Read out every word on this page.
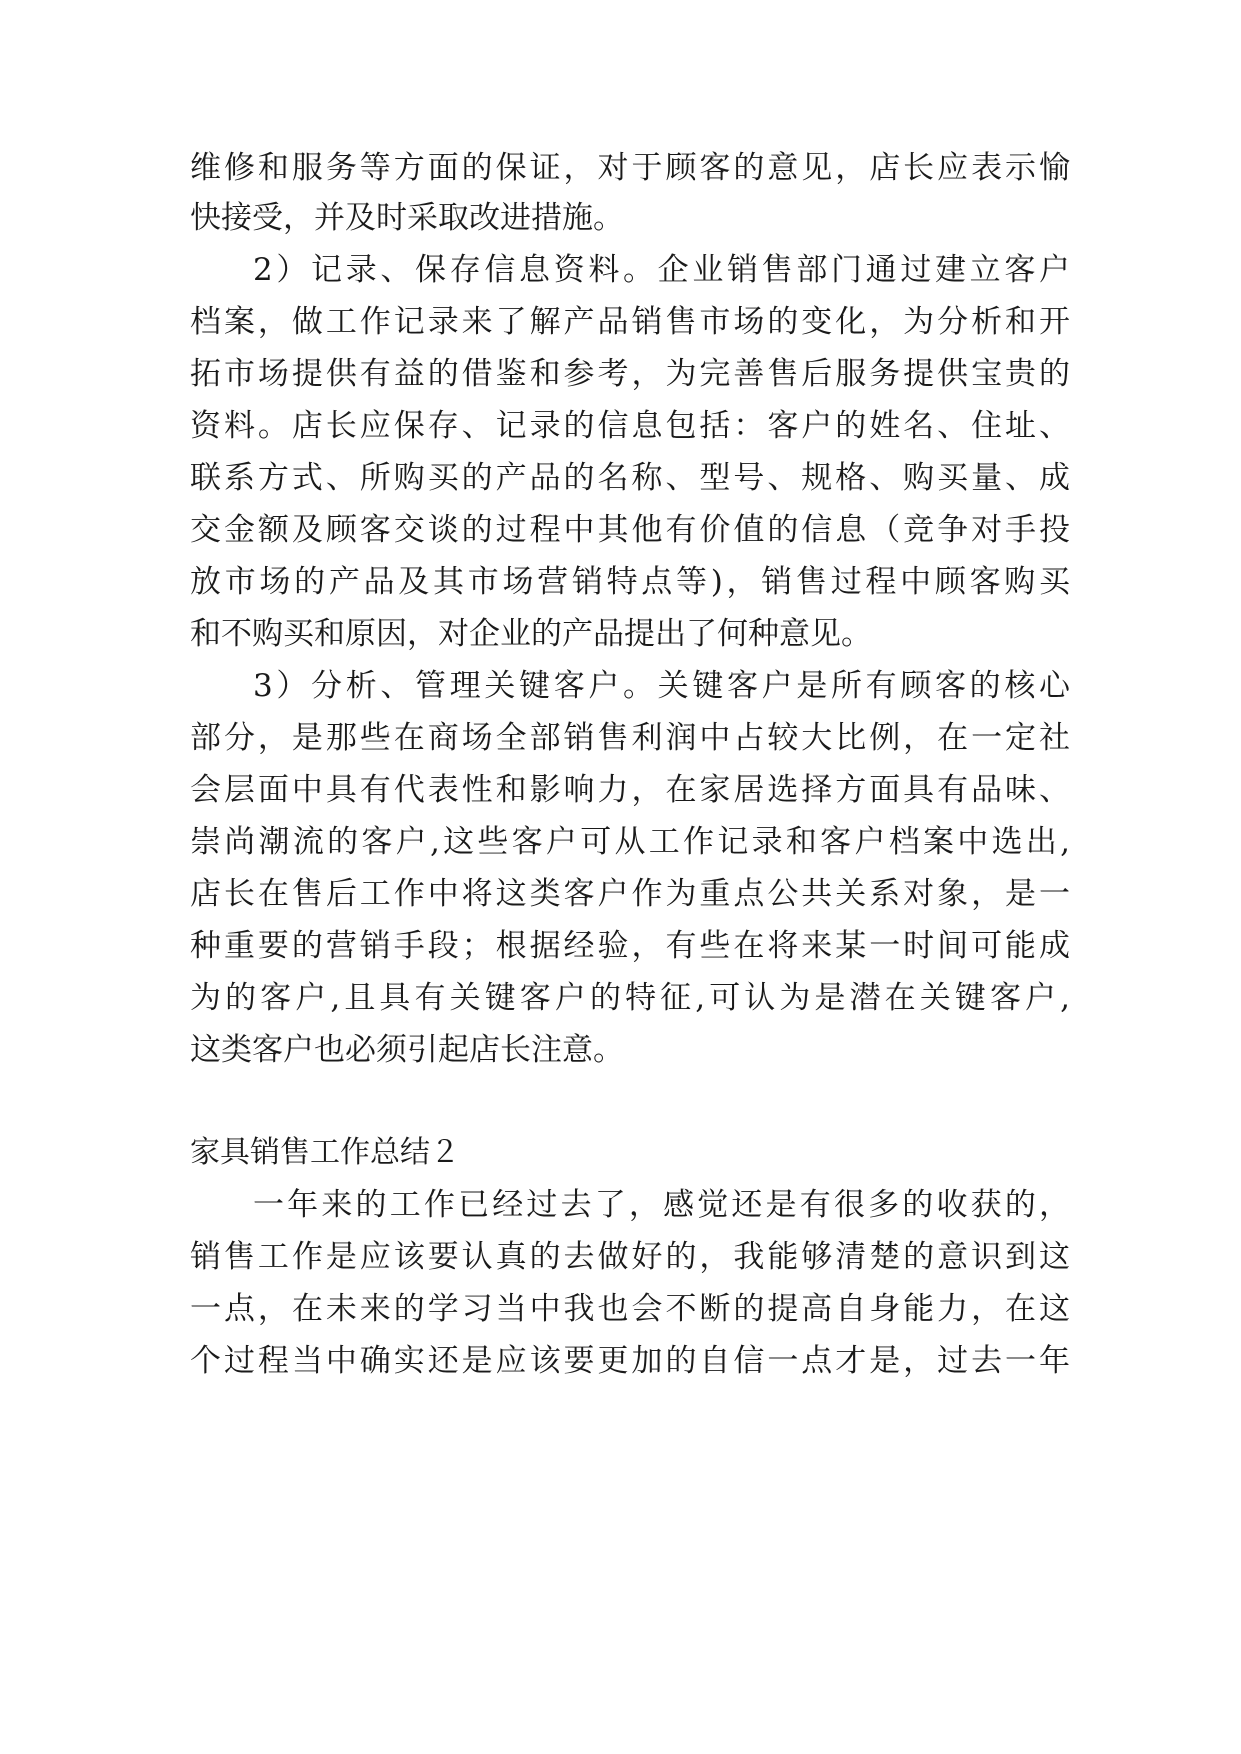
维修和服务等方面的保证，对于顾客的意见，店长应表示愉
快接受，并及时采取改进措施。
2）记录、保存信息资料。企业销售部门通过建立客户
档案，做工作记录来了解产品销售市场的变化，为分析和开
拓市场提供有益的借鉴和参考，为完善售后服务提供宝贵的
资料。店长应保存、记录的信息包括：客户的姓名、住址、
联系方式、所购买的产品的名称、型号、规格、购买量、成
交金额及顾客交谈的过程中其他有价值的信息（竞争对手投
放市场的产品及其市场营销特点等)，销售过程中顾客购买
和不购买和原因，对企业的产品提出了何种意见。
3）分析、管理关键客户。关键客户是所有顾客的核心
部分，是那些在商场全部销售利润中占较大比例，在一定社
会层面中具有代表性和影响力，在家居选择方面具有品味、
崇尚潮流的客户,这些客户可从工作记录和客户档案中选出,
店长在售后工作中将这类客户作为重点公共关系对象，是一
种重要的营销手段；根据经验，有些在将来某一时间可能成
为的客户,且具有关键客户的特征,可认为是潜在关键客户,
这类客户也必须引起店长注意。
家具销售工作总结２
一年来的工作已经过去了，感觉还是有很多的收获的，
销售工作是应该要认真的去做好的，我能够清楚的意识到这
一点，在未来的学习当中我也会不断的提高自身能力，在这
个过程当中确实还是应该要更加的自信一点才是，过去一年
